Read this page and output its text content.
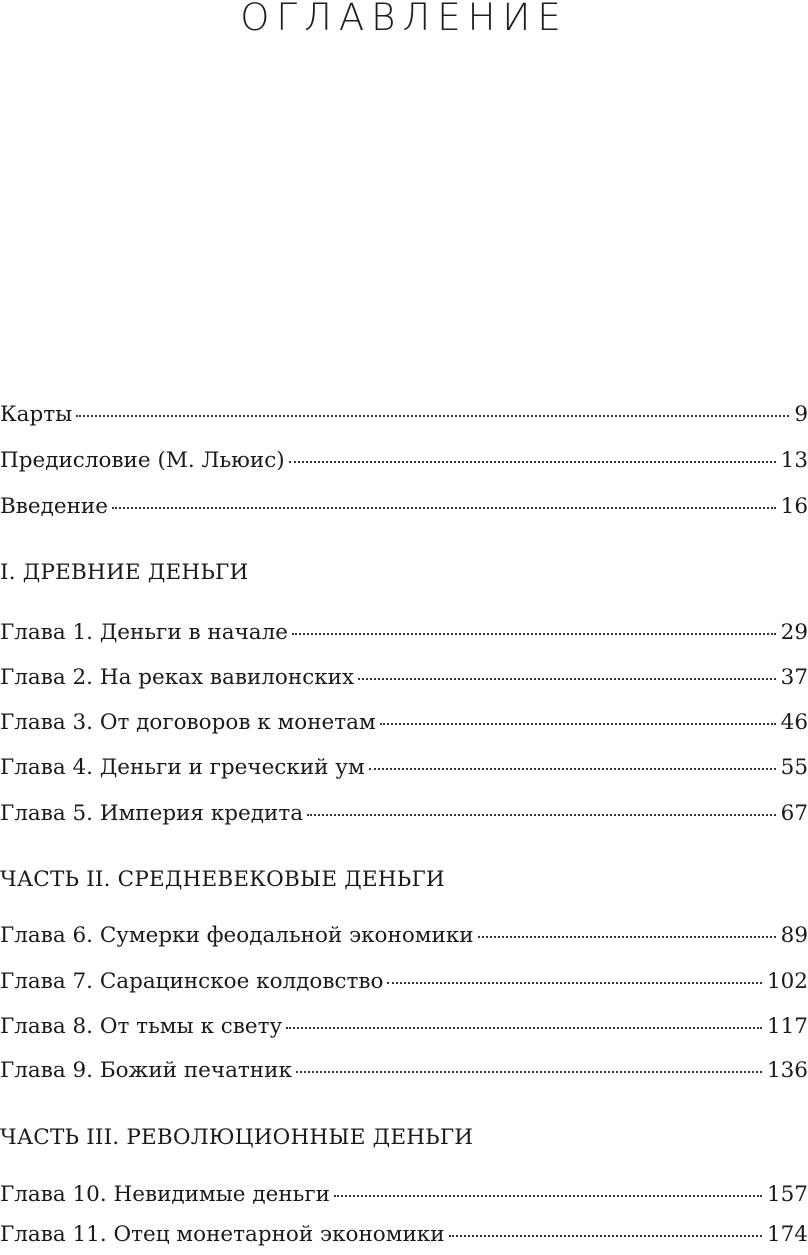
ОГЛАВЛЕНИЕ
Карты	9
Предисловие (М. Льюис)	13
Введение	16
I. ДРЕВНИЕ ДЕНЬГИ
Глава 1. Деньги в начале	29
Глава 2. На реках вавилонских	37
Глава 3. От договоров к монетам	46
Глава 4. Деньги и греческий ум	55
Глава 5. Империя кредита	67
ЧАСТЬ II. СРЕДНЕВЕКОВЫЕ ДЕНЬГИ
Глава 6. Сумерки феодальной экономики	89
Глава 7. Сарацинское колдовство	102
Глава 8. От тьмы к свету	117
Глава 9. Божий печатник	136
ЧАСТЬ III. РЕВОЛЮЦИОННЫЕ ДЕНЬГИ
Глава 10. Невидимые деньги	157
Глава 11. Отец монетарной экономики	174
